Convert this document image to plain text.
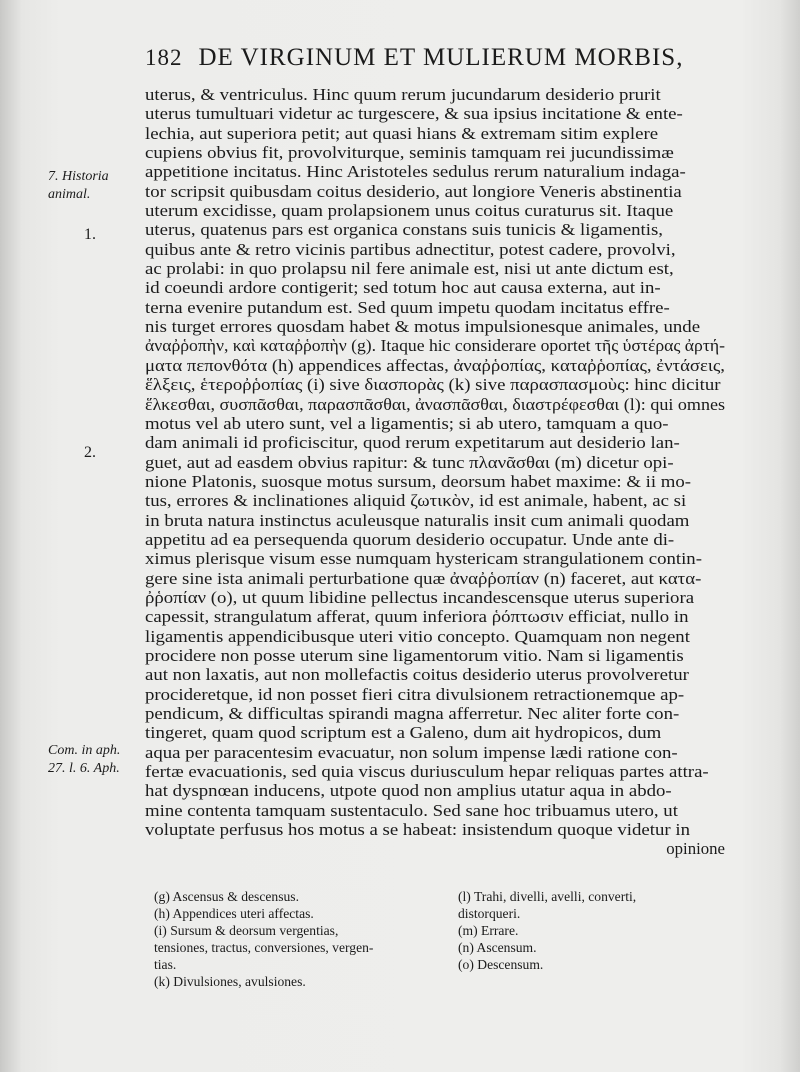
182 DE VIRGINUM ET MULIERUM MORBIS,
7. Historia
animal.
1.
2.
Com. in aph.
27. l. 6. Aph.
uterus, & ventriculus. Hinc quum rerum jucundarum desiderio prurit
uterus tumultuari videtur ac turgescere, & sua ipsius incitatione & ente-
lechia, aut superiora petit; aut quasi hians & extremam sitim explere
cupiens obvius fit, provolviturque, seminis tamquam rei jucundissimæ
appetitione incitatus. Hinc Aristoteles sedulus rerum naturalium indaga-
tor scripsit quibusdam coitus desiderio, aut longiore Veneris abstinentia
uterum excidisse, quam prolapsionem unus coitus curaturus sit. Itaque
uterus, quatenus pars est organica constans suis tunicis & ligamentis,
quibus ante & retro vicinis partibus adnectitur, potest cadere, provolvi,
ac prolabi: in quo prolapsu nil fere animale est, nisi ut ante dictum est,
id coeundi ardore contigerit; sed totum hoc aut causa externa, aut in-
terna evenire putandum est. Sed quum impetu quodam incitatus effre-
nis turget errores quosdam habet & motus impulsionesque animales, unde
ἀναῤῥοπὴν, καὶ καταῤῥοπὴν (g). Itaque hic considerare oportet τῆς ὑστέρας ἀρτή-
ματα πεπονθότα (h) appendices affectas, ἀναῤῥοπίας, καταῤῥοπίας, ἐντάσεις,
ἕλξεις, ἑτεροῤῥοπίας (i) sive διασπορὰς (k) sive παρασπασμοὺς: hinc dicitur
ἕλκεσθαι, συσπᾶσθαι, παρασπᾶσθαι, ἀνασπᾶσθαι, διαστρέφεσθαι (l): qui omnes
motus vel ab utero sunt, vel a ligamentis; si ab utero, tamquam a quo-
dam animali id proficiscitur, quod rerum expetitarum aut desiderio lan-
guet, aut ad easdem obvius rapitur: & tunc πλανᾶσθαι (m) dicetur opi-
nione Platonis, suosque motus sursum, deorsum habet maxime: & ii mo-
tus, errores & inclinationes aliquid ζωτικὸν, id est animale, habent, ac si
in bruta natura instinctus aculeusque naturalis insit cum animali quodam
appetitu ad ea persequenda quorum desiderio occupatur. Unde ante di-
ximus plerisque visum esse numquam hystericam strangulationem contin-
gere sine ista animali perturbatione quæ ἀναῤῥοπίαν (n) faceret, aut κατα-
ῤῥοπίαν (o), ut quum libidine pellectus incandescensque uterus superiora
capessit, strangulatum afferat, quum inferiora ῥόπτωσιν efficiat, nullo in
ligamentis appendicibusque uteri vitio concepto. Quamquam non negent
procidere non posse uterum sine ligamentorum vitio. Nam si ligamentis
aut non laxatis, aut non mollefactis coitus desiderio uterus provolveretur
procideretque, id non posset fieri citra divulsionem retractionemque ap-
pendicum, & difficultas spirandi magna afferretur. Nec aliter forte con-
tingeret, quam quod scriptum est a Galeno, dum ait hydropicos, dum
aqua per paracentesim evacuatur, non solum impense lædi ratione con-
fertæ evacuationis, sed quia viscus duriusculum hepar reliquas partes attra-
hat dyspnœan inducens, utpote quod non amplius utatur aqua in abdo-
mine contenta tamquam sustentaculo. Sed sane hoc tribuamus utero, ut
voluptate perfusus hos motus a se habeat: insistendum quoque videtur in
opinione
(g) Ascensus & descensus.
(h) Appendices uteri affectas.
(i) Sursum & deorsum vergentias,
tensiones, tractus, conversiones, vergen-
tias.
(k) Divulsiones, avulsiones.
(l) Trahi, divelli, avelli, converti,
distorqueri.
(m) Errare.
(n) Ascensum.
(o) Descensum.
